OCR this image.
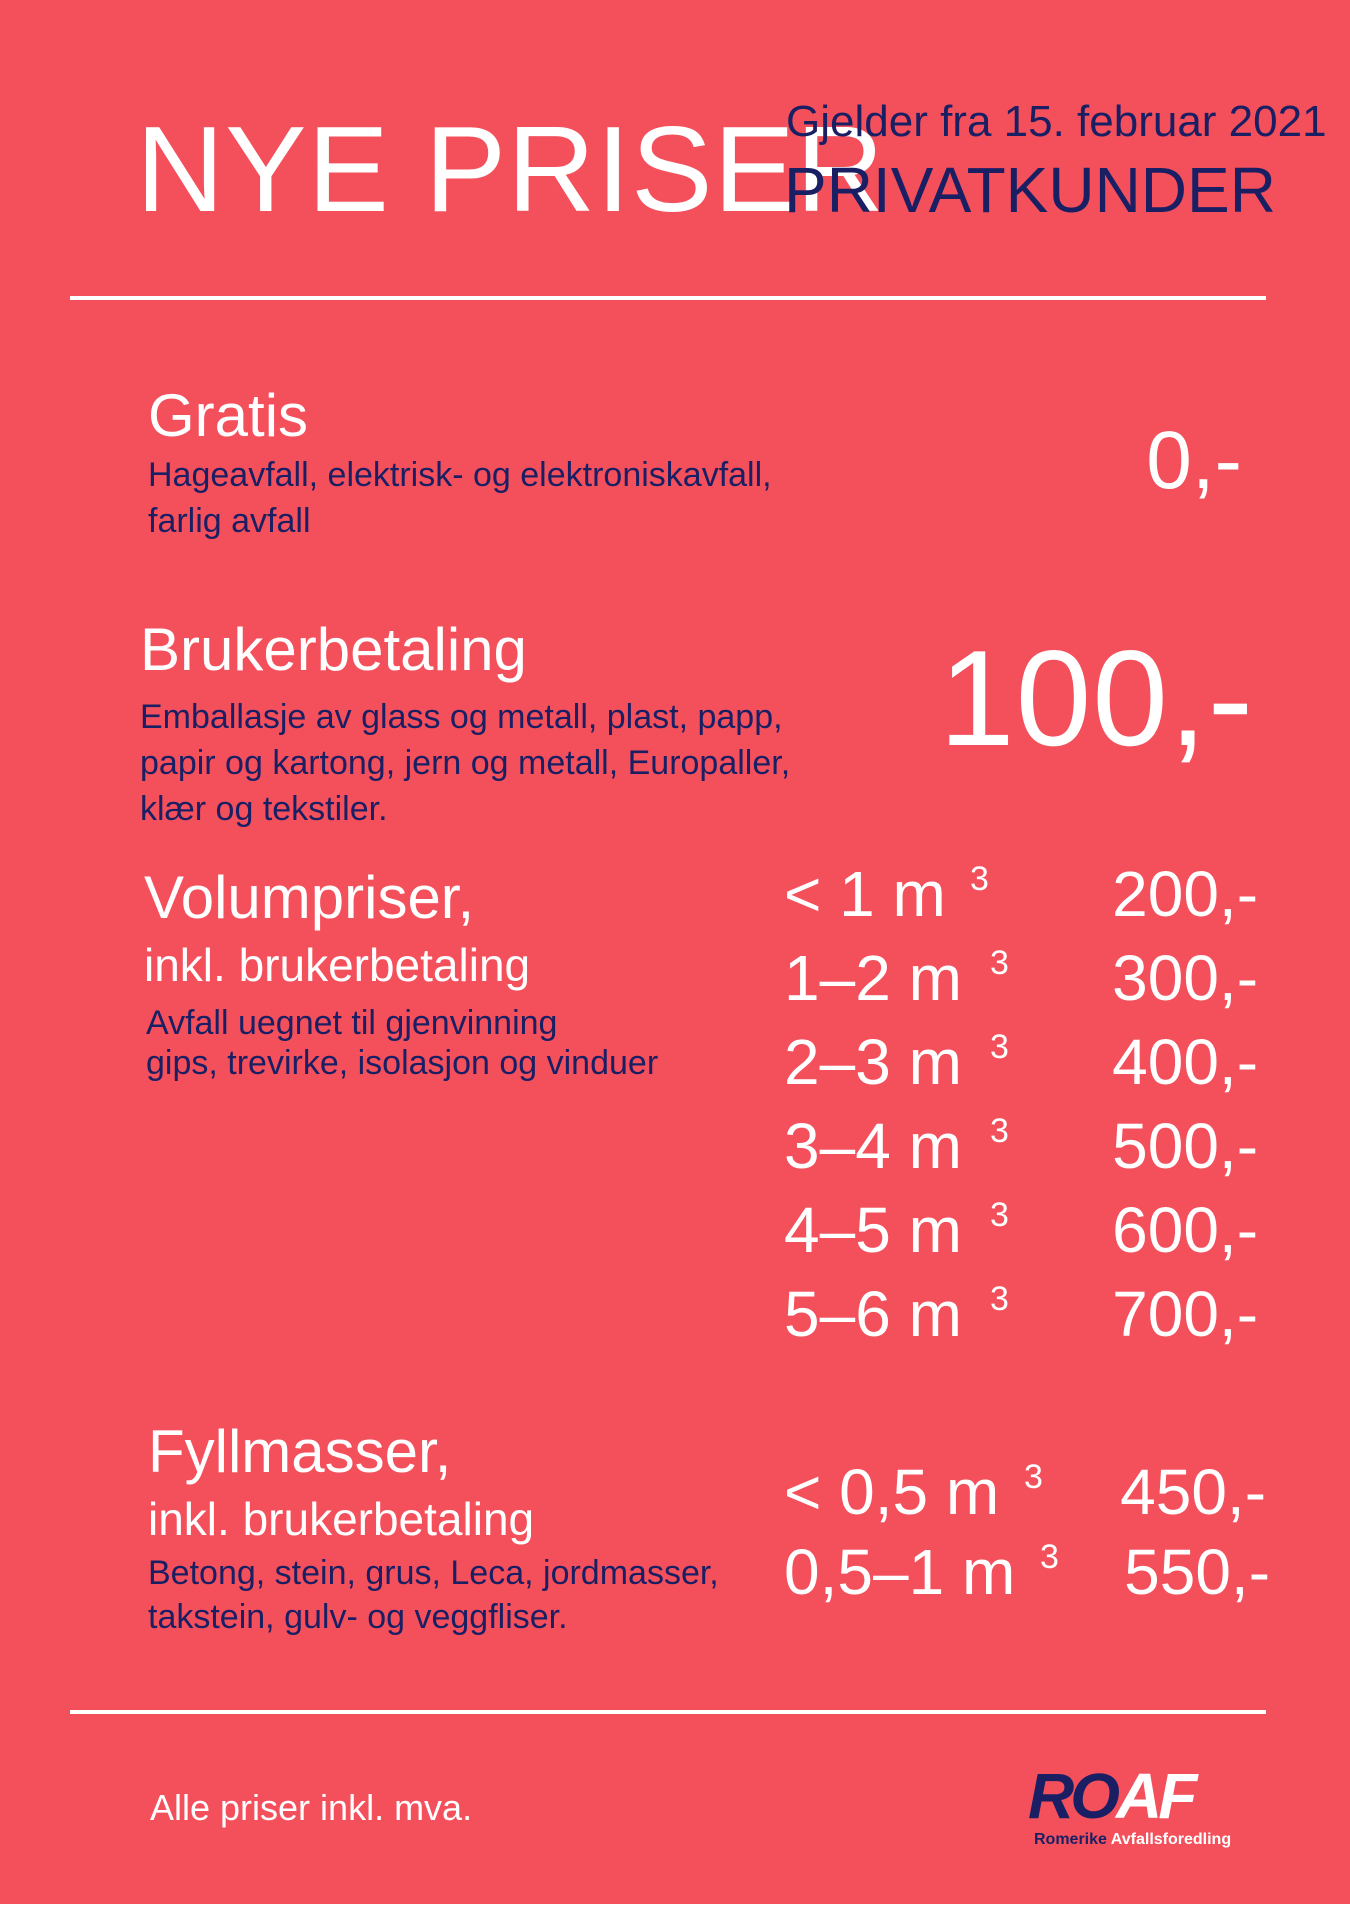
NYE PRISER
Gjelder fra 15. februar 2021
PRIVATKUNDER
Gratis
Hageavfall, elektrisk- og elektroniskavfall,
farlig avfall
0,-
Brukerbetaling
Emballasje av glass og metall, plast, papp,
papir og kartong, jern og metall, Europaller,
klær og tekstiler.
100,-
Volumpriser,
inkl. brukerbetaling
Avfall uegnet til gjenvinning
gips, trevirke, isolasjon og vinduer
< 1 m 3 200,-
1–2 m 3 300,-
2–3 m 3 400,-
3–4 m 3 500,-
4–5 m 3 600,-
5–6 m 3 700,-
Fyllmasser,
inkl. brukerbetaling
Betong, stein, grus, Leca, jordmasser,
takstein, gulv- og veggfliser.
< 0,5 m 3 450,-
0,5–1 m 3 550,-
Alle priser inkl. mva.	ROAF
Romerike Avfallsforedling
